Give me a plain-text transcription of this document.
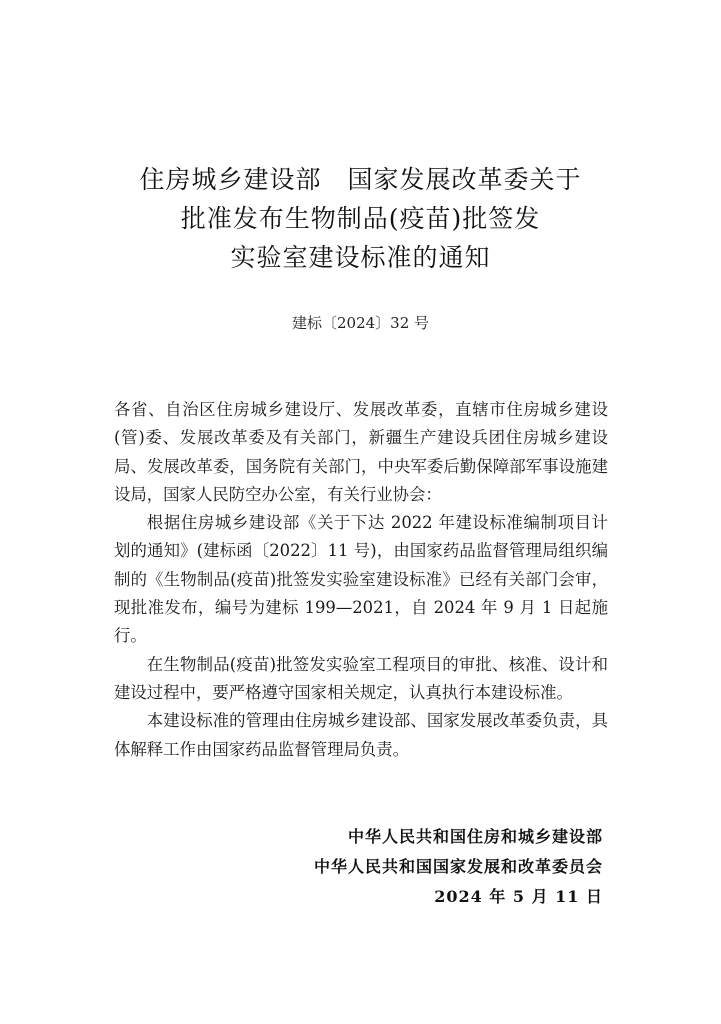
住房城乡建设部　国家发展改革委关于
批准发布生物制品(疫苗)批签发
实验室建设标准的通知
建标〔2024〕32 号

各省、自治区住房城乡建设厅、发展改革委，直辖市住房城乡建设(管)委、发展改革委及有关部门，新疆生产建设兵团住房城乡建设局、发展改革委，国务院有关部门，中央军委后勤保障部军事设施建设局，国家人民防空办公室，有关行业协会：

根据住房城乡建设部《关于下达 2022 年建设标准编制项目计划的通知》(建标函〔2022〕11 号)，由国家药品监督管理局组织编制的《生物制品(疫苗)批签发实验室建设标准》已经有关部门会审，现批准发布，编号为建标 199—2021，自 2024 年 9 月 1 日起施行。

在生物制品(疫苗)批签发实验室工程项目的审批、核准、设计和建设过程中，要严格遵守国家相关规定，认真执行本建设标准。

本建设标准的管理由住房城乡建设部、国家发展改革委负责，具体解释工作由国家药品监督管理局负责。

中华人民共和国住房和城乡建设部
中华人民共和国国家发展和改革委员会
2024 年 5 月 11 日
